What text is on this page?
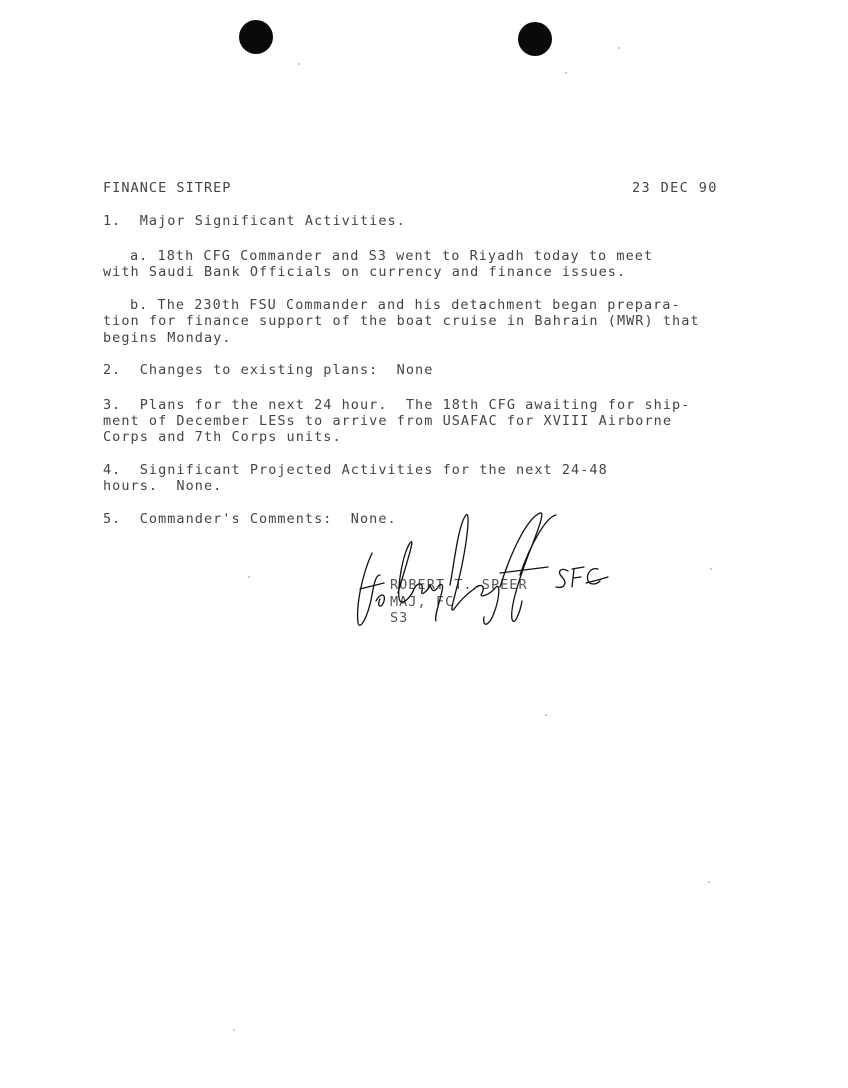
FINANCE SITREP	23 DEC 90
1.  Major Significant Activities.
a. 18th CFG Commander and S3 went to Riyadh today to meet
with Saudi Bank Officials on currency and finance issues.
b. The 230th FSU Commander and his detachment began prepara-
tion for finance support of the boat cruise in Bahrain (MWR) that
begins Monday.
2.  Changes to existing plans:  None
3.  Plans for the next 24 hour.  The 18th CFG awaiting for ship-
ment of December LESs to arrive from USAFAC for XVIII Airborne
Corps and 7th Corps units.
4.  Significant Projected Activities for the next 24-48
hours.  None.
5.  Commander's Comments:  None.
ROBERT T. SPEER
MAJ, FC
S3
